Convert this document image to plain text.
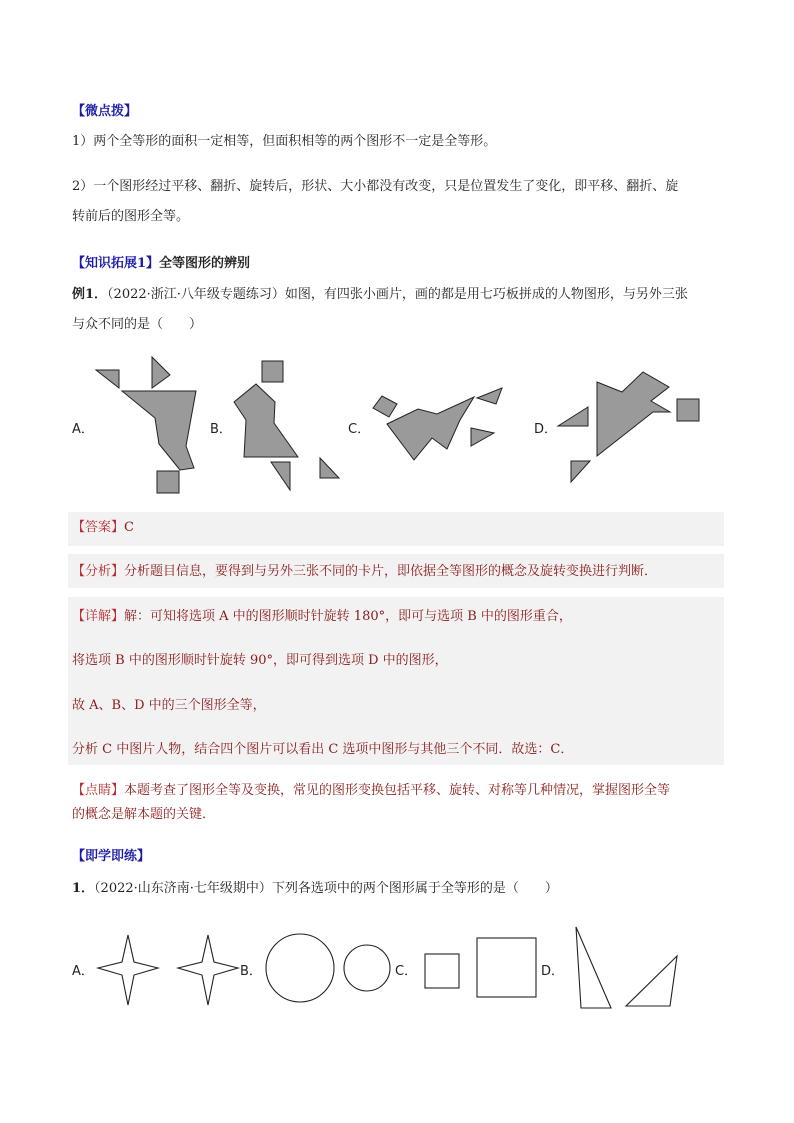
【微点拨】
1）两个全等形的面积一定相等，但面积相等的两个图形不一定是全等形。
2）一个图形经过平移、翻折、旋转后，形状、大小都没有改变，只是位置发生了变化，即平移、翻折、旋
转前后的图形全等。
【知识拓展1】全等图形的辨别
例1．（2022·浙江·八年级专题练习）如图，有四张小画片，画的都是用七巧板拼成的人物图形，与另外三张
与众不同的是（　　）
A．	B．	C．	D．
【答案】C
【分析】分析题目信息，要得到与另外三张不同的卡片，即依据全等图形的概念及旋转变换进行判断．
【详解】解：可知将选项 A 中的图形顺时针旋转 180°，即可与选项 B 中的图形重合，
将选项 B 中的图形顺时针旋转 90°，即可得到选项 D 中的图形，
故 A、B、D 中的三个图形全等，
分析 C 中图片人物，结合四个图片可以看出 C 选项中图形与其他三个不同．故选：C．
【点睛】本题考查了图形全等及变换，常见的图形变换包括平移、旋转、对称等几种情况，掌握图形全等
的概念是解本题的关键．
【即学即练】
1．（2022·山东济南·七年级期中）下列各选项中的两个图形属于全等形的是（　　）
A．	B．	C．	D．
